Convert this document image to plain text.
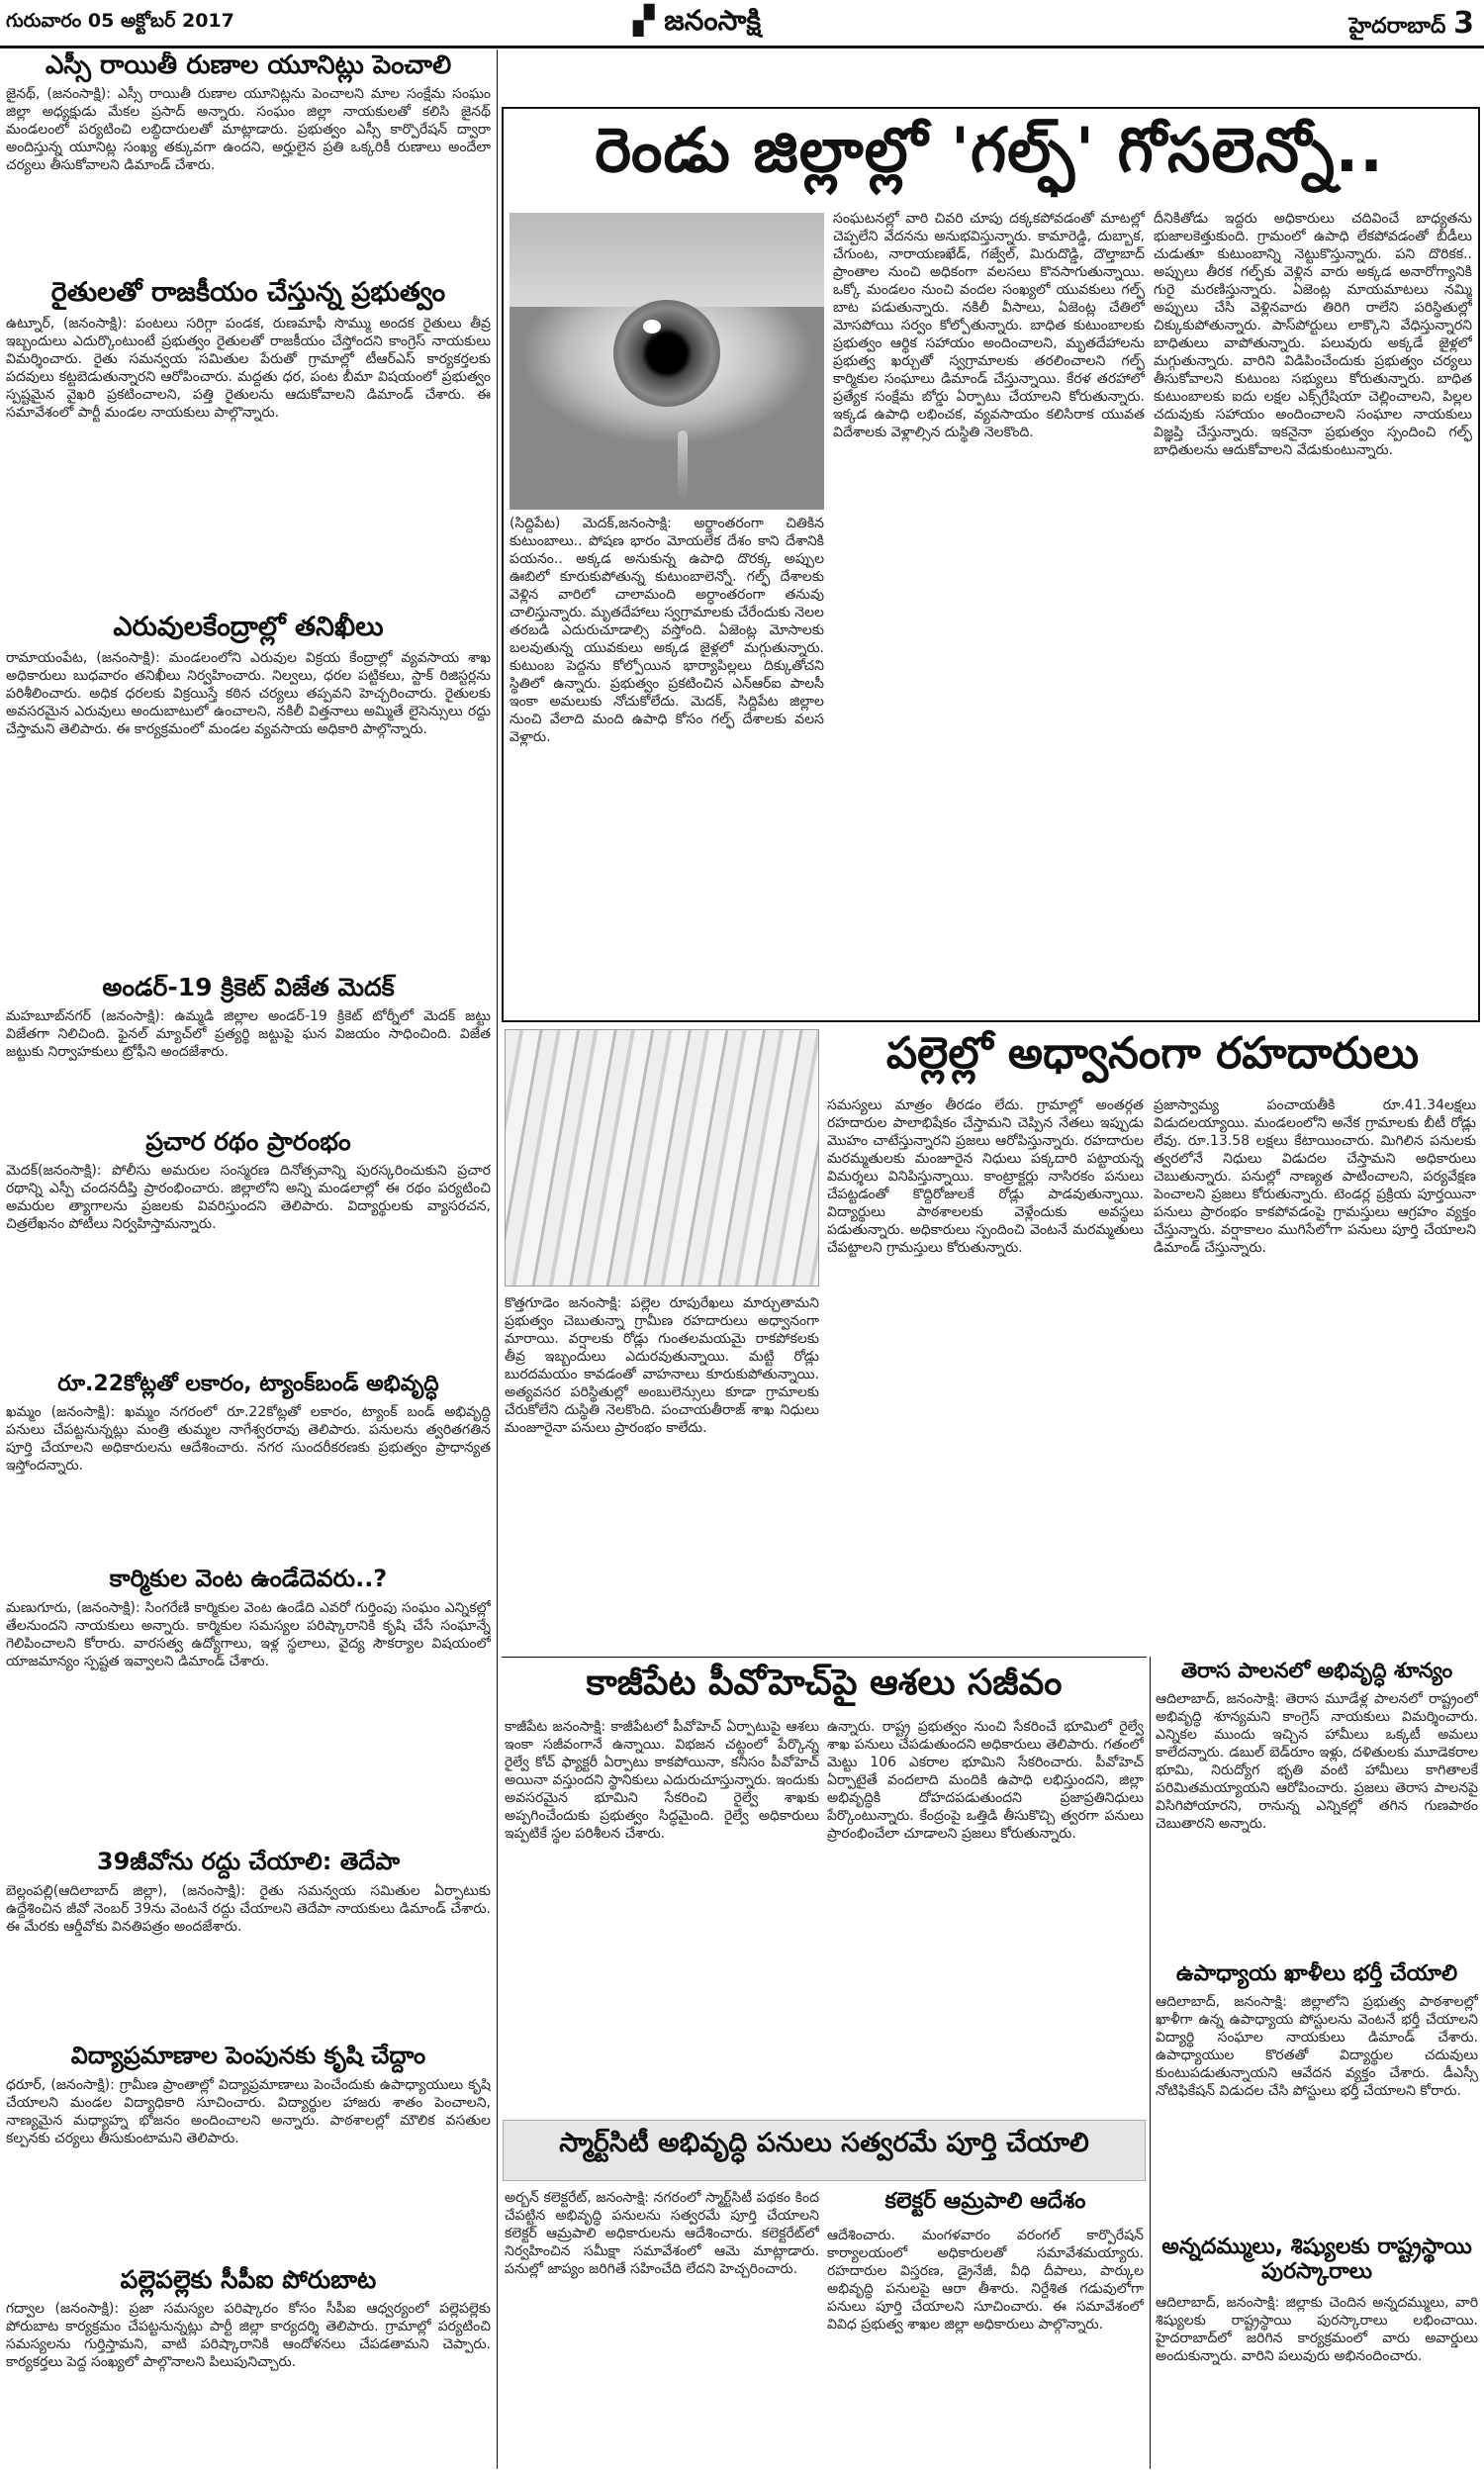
గురువారం 05 అక్టోబర్ 2017	▞ జనంసాక్షి	హైదరాబాద్ 3
ఎస్సీ రాయితీ రుణాల యూనిట్లు పెంచాలి
జైనథ్, (జనంసాక్షి): ఎస్సీ రాయితీ రుణాల యూనిట్లను పెంచాలని మాల సంక్షేమ సంఘం జిల్లా అధ్యక్షుడు మేకల ప్రసాద్ అన్నారు. సంఘం జిల్లా నాయకులతో కలిసి జైనథ్ మండలంలో పర్యటించి లబ్ధిదారులతో మాట్లాడారు. ప్రభుత్వం ఎస్సీ కార్పొరేషన్ ద్వారా అందిస్తున్న యూనిట్ల సంఖ్య తక్కువగా ఉందని, అర్హులైన ప్రతి ఒక్కరికీ రుణాలు అందేలా చర్యలు తీసుకోవాలని డిమాండ్ చేశారు.
రైతులతో రాజకీయం చేస్తున్న ప్రభుత్వం
ఉట్నూర్, (జనంసాక్షి): పంటలు సరిగ్గా పండక, రుణమాఫీ సొమ్ము అందక రైతులు తీవ్ర ఇబ్బందులు ఎదుర్కొంటుంటే ప్రభుత్వం రైతులతో రాజకీయం చేస్తోందని కాంగ్రెస్ నాయకులు విమర్శించారు. రైతు సమన్వయ సమితుల పేరుతో గ్రామాల్లో టీఆర్ఎస్ కార్యకర్తలకు పదవులు కట్టబెడుతున్నారని ఆరోపించారు. మద్దతు ధర, పంట బీమా విషయంలో ప్రభుత్వం స్పష్టమైన వైఖరి ప్రకటించాలని, పత్తి రైతులను ఆదుకోవాలని డిమాండ్ చేశారు. ఈ సమావేశంలో పార్టీ మండల నాయకులు పాల్గొన్నారు.
ఎరువులకేంద్రాల్లో తనిఖీలు
రామాయంపేట, (జనంసాక్షి): మండలంలోని ఎరువుల విక్రయ కేంద్రాల్లో వ్యవసాయ శాఖ అధికారులు బుధవారం తనిఖీలు నిర్వహించారు. నిల్వలు, ధరల పట్టికలు, స్టాక్ రిజిస్టర్లను పరిశీలించారు. అధిక ధరలకు విక్రయిస్తే కఠిన చర్యలు తప్పవని హెచ్చరించారు. రైతులకు అవసరమైన ఎరువులు అందుబాటులో ఉంచాలని, నకిలీ విత్తనాలు అమ్మితే లైసెన్సులు రద్దు చేస్తామని తెలిపారు. ఈ కార్యక్రమంలో మండల వ్యవసాయ అధికారి పాల్గొన్నారు.
అండర్-19 క్రికెట్ విజేత మెదక్
మహబూబ్‌నగర్ (జనంసాక్షి): ఉమ్మడి జిల్లాల అండర్-19 క్రికెట్ టోర్నీలో మెదక్ జట్టు విజేతగా నిలిచింది. ఫైనల్ మ్యాచ్‌లో ప్రత్యర్థి జట్టుపై ఘన విజయం సాధించింది. విజేత జట్టుకు నిర్వాహకులు ట్రోఫీని అందజేశారు.
ప్రచార రథం ప్రారంభం
మెదక్(జనంసాక్షి): పోలీసు అమరుల సంస్మరణ దినోత్సవాన్ని పురస్కరించుకుని ప్రచార రథాన్ని ఎస్పీ చందనదీప్తి ప్రారంభించారు. జిల్లాలోని అన్ని మండలాల్లో ఈ రథం పర్యటించి అమరుల త్యాగాలను ప్రజలకు వివరిస్తుందని తెలిపారు. విద్యార్థులకు వ్యాసరచన, చిత్రలేఖనం పోటీలు నిర్వహిస్తామన్నారు.
రూ.22కోట్లతో లకారం, ట్యాంక్‌బండ్ అభివృద్ధి
ఖమ్మం (జనంసాక్షి): ఖమ్మం నగరంలో రూ.22కోట్లతో లకారం, ట్యాంక్ బండ్ అభివృద్ధి పనులు చేపట్టనున్నట్లు మంత్రి తుమ్మల నాగేశ్వరరావు తెలిపారు. పనులను త్వరితగతిన పూర్తి చేయాలని అధికారులను ఆదేశించారు. నగర సుందరీకరణకు ప్రభుత్వం ప్రాధాన్యత ఇస్తోందన్నారు.
కార్మికుల వెంట ఉండేదెవరు..?
మణుగూరు, (జనంసాక్షి): సింగరేణి కార్మికుల వెంట ఉండేది ఎవరో గుర్తింపు సంఘం ఎన్నికల్లో తేలనుందని నాయకులు అన్నారు. కార్మికుల సమస్యల పరిష్కారానికి కృషి చేసే సంఘాన్నే గెలిపించాలని కోరారు. వారసత్వ ఉద్యోగాలు, ఇళ్ల స్థలాలు, వైద్య సౌకర్యాల విషయంలో యాజమాన్యం స్పష్టత ఇవ్వాలని డిమాండ్ చేశారు.
39జీవోను రద్దు చేయాలి: తెదేపా
బెల్లంపల్లి(ఆదిలాబాద్ జిల్లా), (జనంసాక్షి): రైతు సమన్వయ సమితుల ఏర్పాటుకు ఉద్దేశించిన జీవో నెంబర్ 39ను వెంటనే రద్దు చేయాలని తెదేపా నాయకులు డిమాండ్ చేశారు. ఈ మేరకు ఆర్డీవోకు వినతిపత్రం అందజేశారు.
విద్యాప్రమాణాల పెంపునకు కృషి చేద్దాం
ధరూర్, (జనంసాక్షి): గ్రామీణ ప్రాంతాల్లో విద్యాప్రమాణాలు పెంచేందుకు ఉపాధ్యాయులు కృషి చేయాలని మండల విద్యాధికారి సూచించారు. విద్యార్థుల హాజరు శాతం పెంచాలని, నాణ్యమైన మధ్యాహ్న భోజనం అందించాలని అన్నారు. పాఠశాలల్లో మౌలిక వసతుల కల్పనకు చర్యలు తీసుకుంటామని తెలిపారు.
పల్లెపల్లెకు సీపీఐ పోరుబాట
గద్వాల (జనంసాక్షి): ప్రజా సమస్యల పరిష్కారం కోసం సీపీఐ ఆధ్వర్యంలో పల్లెపల్లెకు పోరుబాట కార్యక్రమం చేపట్టనున్నట్లు పార్టీ జిల్లా కార్యదర్శి తెలిపారు. గ్రామాల్లో పర్యటించి సమస్యలను గుర్తిస్తామని, వాటి పరిష్కారానికి ఆందోళనలు చేపడతామని చెప్పారు. కార్యకర్తలు పెద్ద సంఖ్యలో పాల్గొనాలని పిలుపునిచ్చారు.
రెండు జిల్లాల్లో 'గల్ఫ్' గోసలెన్నో..
(సిద్దిపేట) మెదక్,జనంసాక్షి: అర్థాంతరంగా చితికిన కుటుంబాలు.. పోషణ భారం మోయలేక దేశం కాని దేశానికి పయనం.. అక్కడ అనుకున్న ఉపాధి దొరక్క అప్పుల ఊబిలో కూరుకుపోతున్న కుటుంబాలెన్నో. గల్ఫ్ దేశాలకు వెళ్లిన వారిలో చాలామంది అర్ధాంతరంగా తనువు చాలిస్తున్నారు. మృతదేహాలు స్వగ్రామాలకు చేరేందుకు నెలల తరబడి ఎదురుచూడాల్సి వస్తోంది. ఏజెంట్ల మోసాలకు బలవుతున్న యువకులు అక్కడ జైళ్లలో మగ్గుతున్నారు. కుటుంబ పెద్దను కోల్పోయిన భార్యాపిల్లలు దిక్కుతోచని స్థితిలో ఉన్నారు. ప్రభుత్వం ప్రకటించిన ఎన్ఆర్ఐ పాలసీ ఇంకా అమలుకు నోచుకోలేదు. మెదక్, సిద్దిపేట జిల్లాల నుంచి వేలాది మంది ఉపాధి కోసం గల్ఫ్ దేశాలకు వలస వెళ్లారు.
సంఘటనల్లో వారి చివరి చూపు దక్కకపోవడంతో మాటల్లో చెప్పలేని వేదనను అనుభవిస్తున్నారు. కామారెడ్డి, దుబ్బాక, చేగుంట, నారాయణఖేడ్, గజ్వేల్, మిరుదొడ్డి, దౌల్తాబాద్ ప్రాంతాల నుంచి అధికంగా వలసలు కొనసాగుతున్నాయి. ఒక్కో మండలం నుంచి వందల సంఖ్యలో యువకులు గల్ఫ్ బాట పడుతున్నారు. నకిలీ వీసాలు, ఏజెంట్ల చేతిలో మోసపోయి సర్వం కోల్పోతున్నారు. బాధిత కుటుంబాలకు ప్రభుత్వం ఆర్థిక సహాయం అందించాలని, మృతదేహాలను ప్రభుత్వ ఖర్చుతో స్వగ్రామాలకు తరలించాలని గల్ఫ్ కార్మికుల సంఘాలు డిమాండ్ చేస్తున్నాయి. కేరళ తరహాలో ప్రత్యేక సంక్షేమ బోర్డు ఏర్పాటు చేయాలని కోరుతున్నారు. ఇక్కడ ఉపాధి లభించక, వ్యవసాయం కలిసిరాక యువత విదేశాలకు వెళ్లాల్సిన దుస్థితి నెలకొంది.
దీనికితోడు ఇద్దరు అధికారులు చదివించే బాధ్యతను భుజాలకెత్తుకుంది. గ్రామంలో ఉపాధి లేకపోవడంతో బీడీలు చుడుతూ కుటుంబాన్ని నెట్టుకొస్తున్నారు. పని దొరికక.. అప్పులు తీరక గల్ఫ్‌కు వెళ్లిన వారు అక్కడ అనారోగ్యానికి గురై మరణిస్తున్నారు. ఏజెంట్ల మాయమాటలు నమ్మి అప్పులు చేసి వెళ్లినవారు తిరిగి రాలేని పరిస్థితుల్లో చిక్కుకుపోతున్నారు. పాస్‌పోర్టులు లాక్కొని వేధిస్తున్నారని బాధితులు వాపోతున్నారు. పలువురు అక్కడే జైళ్లలో మగ్గుతున్నారు. వారిని విడిపించేందుకు ప్రభుత్వం చర్యలు తీసుకోవాలని కుటుంబ సభ్యులు కోరుతున్నారు. బాధిత కుటుంబాలకు ఐదు లక్షల ఎక్స్‌గ్రేషియా చెల్లించాలని, పిల్లల చదువుకు సహాయం అందించాలని సంఘాల నాయకులు విజ్ఞప్తి చేస్తున్నారు. ఇకనైనా ప్రభుత్వం స్పందించి గల్ఫ్ బాధితులను ఆదుకోవాలని వేడుకుంటున్నారు.
పల్లెల్లో అధ్వానంగా రహదారులు
కొత్తగూడెం జనంసాక్షి: పల్లెల రూపురేఖలు మార్చుతామని ప్రభుత్వం చెబుతున్నా గ్రామీణ రహదారులు అధ్వానంగా మారాయి. వర్షాలకు రోడ్లు గుంతలమయమై రాకపోకలకు తీవ్ర ఇబ్బందులు ఎదురవుతున్నాయి. మట్టి రోడ్లు బురదమయం కావడంతో వాహనాలు కూరుకుపోతున్నాయి. అత్యవసర పరిస్థితుల్లో అంబులెన్సులు కూడా గ్రామాలకు చేరుకోలేని దుస్థితి నెలకొంది. పంచాయతీరాజ్ శాఖ నిధులు మంజూరైనా పనులు ప్రారంభం కాలేదు.
సమస్యలు మాత్రం తీరడం లేదు. గ్రామాల్లో అంతర్గత రహదారుల పాలాభిషేకం చేస్తామని చెప్పిన నేతలు ఇప్పుడు మొహం చాటేస్తున్నారని ప్రజలు ఆరోపిస్తున్నారు. రహదారుల మరమ్మతులకు మంజూరైన నిధులు పక్కదారి పట్టాయన్న విమర్శలు వినిపిస్తున్నాయి. కాంట్రాక్టర్లు నాసిరకం పనులు చేపట్టడంతో కొద్దిరోజులకే రోడ్లు పాడవుతున్నాయి. విద్యార్థులు పాఠశాలలకు వెళ్లేందుకు అవస్థలు పడుతున్నారు. అధికారులు స్పందించి వెంటనే మరమ్మతులు చేపట్టాలని గ్రామస్తులు కోరుతున్నారు.
ప్రజాస్వామ్య పంచాయతీకి రూ.41.34లక్షలు విడుదలయ్యాయి. మండలంలోని అనేక గ్రామాలకు బీటీ రోడ్లు లేవు. రూ.13.58 లక్షలు కేటాయించారు. మిగిలిన పనులకు త్వరలోనే నిధులు విడుదల చేస్తామని అధికారులు చెబుతున్నారు. పనుల్లో నాణ్యత పాటించాలని, పర్యవేక్షణ పెంచాలని ప్రజలు కోరుతున్నారు. టెండర్ల ప్రక్రియ పూర్తయినా పనులు ప్రారంభం కాకపోవడంపై గ్రామస్తులు ఆగ్రహం వ్యక్తం చేస్తున్నారు. వర్షాకాలం ముగిసేలోగా పనులు పూర్తి చేయాలని డిమాండ్ చేస్తున్నారు.
కాజీపేట పీవోహెచ్‌పై ఆశలు సజీవం
కాజీపేట జనంసాక్షి: కాజీపేటలో పీవోహెచ్ ఏర్పాటుపై ఆశలు ఇంకా సజీవంగానే ఉన్నాయి. విభజన చట్టంలో పేర్కొన్న రైల్వే కోచ్ ఫ్యాక్టరీ ఏర్పాటు కాకపోయినా, కనీసం పీవోహెచ్ అయినా వస్తుందని స్థానికులు ఎదురుచూస్తున్నారు. ఇందుకు అవసరమైన భూమిని సేకరించి రైల్వే శాఖకు అప్పగించేందుకు ప్రభుత్వం సిద్ధమైంది. రైల్వే అధికారులు ఇప్పటికే స్థల పరిశీలన చేశారు.
ఉన్నారు. రాష్ట్ర ప్రభుత్వం నుంచి సేకరించే భూమిలో రైల్వే శాఖ పనులు చేపడుతుందని అధికారులు తెలిపారు. గతంలో మెట్టు 106 ఎకరాల భూమిని సేకరించారు. పీవోహెచ్ ఏర్పాటైతే వందలాది మందికి ఉపాధి లభిస్తుందని, జిల్లా అభివృద్ధికి దోహదపడుతుందని ప్రజాప్రతినిధులు పేర్కొంటున్నారు. కేంద్రంపై ఒత్తిడి తీసుకొచ్చి త్వరగా పనులు ప్రారంభించేలా చూడాలని ప్రజలు కోరుతున్నారు.
స్మార్ట్‌సిటీ అభివృద్ధి పనులు సత్వరమే పూర్తి చేయాలి
కలెక్టర్ ఆమ్రపాలి ఆదేశం
అర్బన్ కలెక్టరేట్, జనంసాక్షి: నగరంలో స్మార్ట్‌సిటీ పథకం కింద చేపట్టిన అభివృద్ధి పనులను సత్వరమే పూర్తి చేయాలని కలెక్టర్ ఆమ్రపాలి అధికారులను ఆదేశించారు. కలెక్టరేట్‌లో నిర్వహించిన సమీక్షా సమావేశంలో ఆమె మాట్లాడారు. పనుల్లో జాప్యం జరిగితే సహించేది లేదని హెచ్చరించారు.
ఆదేశించారు. మంగళవారం వరంగల్ కార్పొరేషన్ కార్యాలయంలో అధికారులతో సమావేశమయ్యారు. రహదారుల విస్తరణ, డ్రైనేజీ, వీధి దీపాలు, పార్కుల అభివృద్ధి పనులపై ఆరా తీశారు. నిర్దేశిత గడువులోగా పనులు పూర్తి చేయాలని సూచించారు. ఈ సమావేశంలో వివిధ ప్రభుత్వ శాఖల జిల్లా అధికారులు పాల్గొన్నారు.
తెరాస పాలనలో అభివృద్ధి శూన్యం
ఆదిలాబాద్, జనంసాక్షి: తెరాస మూడేళ్ల పాలనలో రాష్ట్రంలో అభివృద్ధి శూన్యమని కాంగ్రెస్ నాయకులు విమర్శించారు. ఎన్నికల ముందు ఇచ్చిన హామీలు ఒక్కటీ అమలు కాలేదన్నారు. డబుల్ బెడ్‌రూం ఇళ్లు, దళితులకు మూడెకరాల భూమి, నిరుద్యోగ భృతి వంటి హామీలు కాగితాలకే పరిమితమయ్యాయని ఆరోపించారు. ప్రజలు తెరాస పాలనపై విసిగిపోయారని, రానున్న ఎన్నికల్లో తగిన గుణపాఠం చెబుతారని అన్నారు.
ఉపాధ్యాయ ఖాళీలు భర్తీ చేయాలి
ఆదిలాబాద్, జనంసాక్షి: జిల్లాలోని ప్రభుత్వ పాఠశాలల్లో ఖాళీగా ఉన్న ఉపాధ్యాయ పోస్టులను వెంటనే భర్తీ చేయాలని విద్యార్థి సంఘాల నాయకులు డిమాండ్ చేశారు. ఉపాధ్యాయుల కొరతతో విద్యార్థుల చదువులు కుంటుపడుతున్నాయని ఆవేదన వ్యక్తం చేశారు. డీఎస్సీ నోటిఫికేషన్ విడుదల చేసి పోస్టులు భర్తీ చేయాలని కోరారు.
అన్నదమ్ములు, శిష్యులకు రాష్ట్రస్థాయి పురస్కారాలు
ఆదిలాబాద్, జనంసాక్షి: జిల్లాకు చెందిన అన్నదమ్ములు, వారి శిష్యులకు రాష్ట్రస్థాయి పురస్కారాలు లభించాయి. హైదరాబాద్‌లో జరిగిన కార్యక్రమంలో వారు అవార్డులు అందుకున్నారు. వారిని పలువురు అభినందించారు.
